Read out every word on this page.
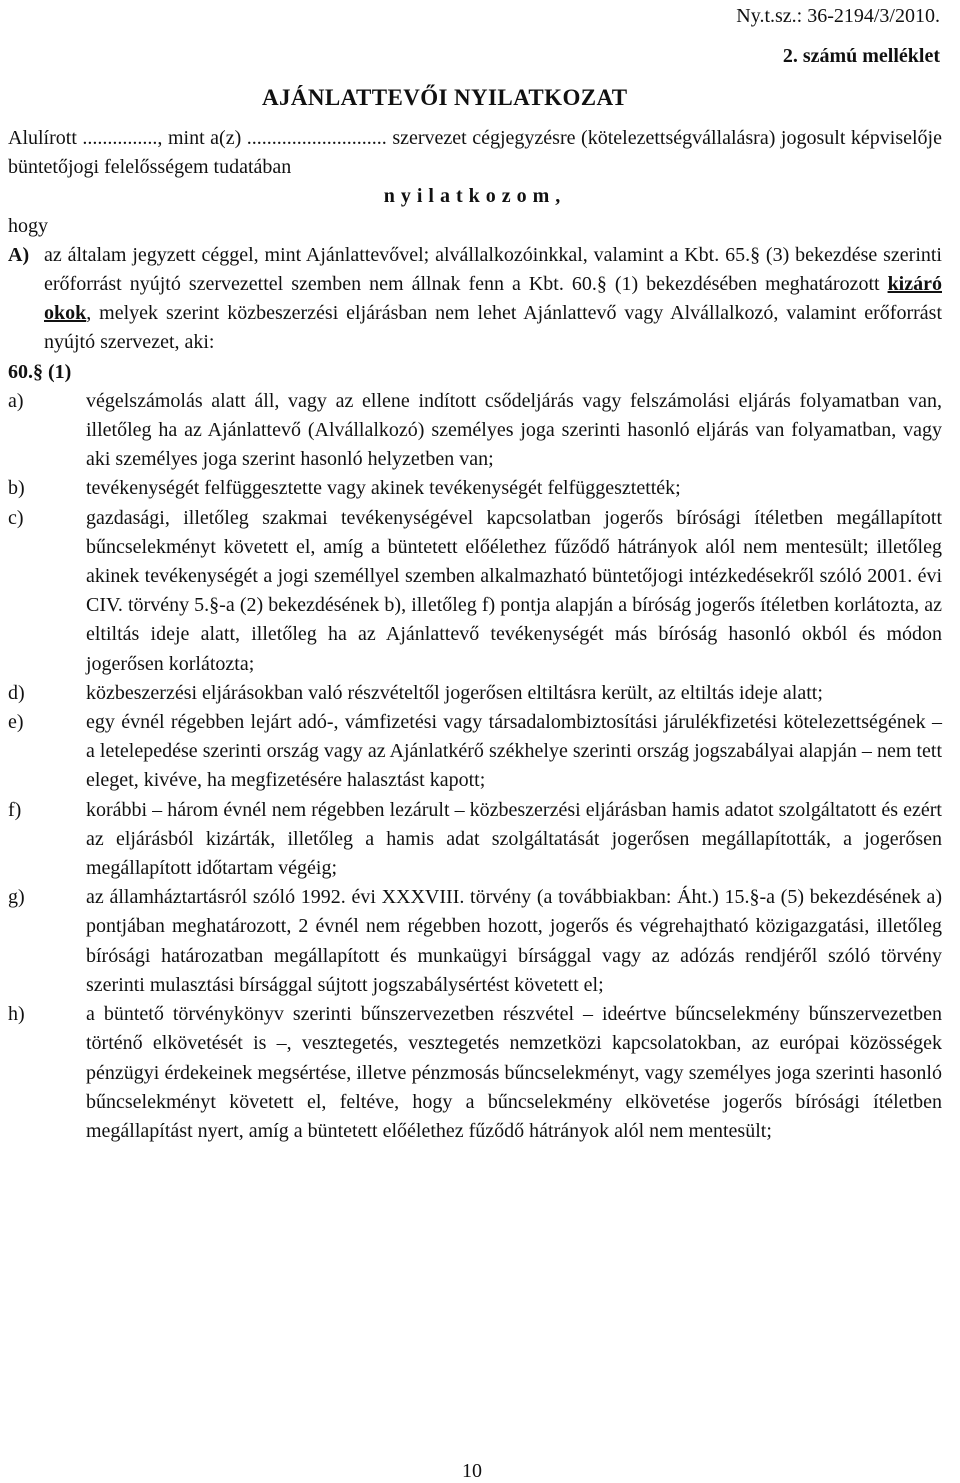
Ny.t.sz.: 36-2194/3/2010.
2. számú melléklet
AJÁNLATTEVŐI NYILATKOZAT

Alulírott ..............., mint a(z) ............................ szervezet cégjegyzésre (kötelezettségvállalásra) jogosult képviselője büntetőjogi felelősségem tudatában

nyilatkozom,

hogy

A) az általam jegyzett céggel, mint Ajánlattevővel; alvállalkozóinkkal, valamint a Kbt. 65.§ (3) bekezdése szerinti erőforrást nyújtó szervezettel szemben nem állnak fenn a Kbt. 60.§ (1) bekezdésében meghatározott kizáró okok, melyek szerint közbeszerzési eljárásban nem lehet Ajánlattevő vagy Alvállalkozó, valamint erőforrást nyújtó szervezet, aki:
60.§ (1)
a)	végelszámolás alatt áll, vagy az ellene indított csődeljárás vagy felszámolási eljárás folyamatban van, illetőleg ha az Ajánlattevő (Alvállalkozó) személyes joga szerinti hasonló eljárás van folyamatban, vagy aki személyes joga szerint hasonló helyzetben van;
b)	tevékenységét felfüggesztette vagy akinek tevékenységét felfüggesztették;
c)	gazdasági, illetőleg szakmai tevékenységével kapcsolatban jogerős bírósági ítéletben megállapított bűncselekményt követett el, amíg a büntetett előélethez fűződő hátrányok alól nem mentesült; illetőleg akinek tevékenységét a jogi személlyel szemben alkalmazható büntetőjogi intézkedésekről szóló 2001. évi CIV. törvény 5.§-a (2) bekezdésének b), illetőleg f) pontja alapján a bíróság jogerős ítéletben korlátozta, az eltiltás ideje alatt, illetőleg ha az Ajánlattevő tevékenységét más bíróság hasonló okból és módon jogerősen korlátozta;
d)	közbeszerzési eljárásokban való részvételtől jogerősen eltiltásra került, az eltiltás ideje alatt;
e)	egy évnél régebben lejárt adó-, vámfizetési vagy társadalombiztosítási járulékfizetési kötelezettségének – a letelepedése szerinti ország vagy az Ajánlatkérő székhelye szerinti ország jogszabályai alapján – nem tett eleget, kivéve, ha megfizetésére halasztást kapott;
f)	korábbi – három évnél nem régebben lezárult – közbeszerzési eljárásban hamis adatot szolgáltatott és ezért az eljárásból kizárták, illetőleg a hamis adat szolgáltatását jogerősen megállapították, a jogerősen megállapított időtartam végéig;
g)	az államháztartásról szóló 1992. évi XXXVIII. törvény (a továbbiakban: Áht.) 15.§-a (5) bekezdésének a) pontjában meghatározott, 2 évnél nem régebben hozott, jogerős és végrehajtható közigazgatási, illetőleg bírósági határozatban megállapított és munkaügyi bírsággal vagy az adózás rendjéről szóló törvény szerinti mulasztási bírsággal sújtott jogszabálysértést követett el;
h)	a büntető törvénykönyv szerinti bűnszervezetben részvétel – ideértve bűncselekmény bűnszervezetben történő elkövetését is –, vesztegetés, vesztegetés nemzetközi kapcsolatokban, az európai közösségek pénzügyi érdekeinek megsértése, illetve pénzmosás bűncselekményt, vagy személyes joga szerinti hasonló bűncselekményt követett el, feltéve, hogy a bűncselekmény elkövetése jogerős bírósági ítéletben megállapítást nyert, amíg a büntetett előélethez fűződő hátrányok alól nem mentesült;
10
